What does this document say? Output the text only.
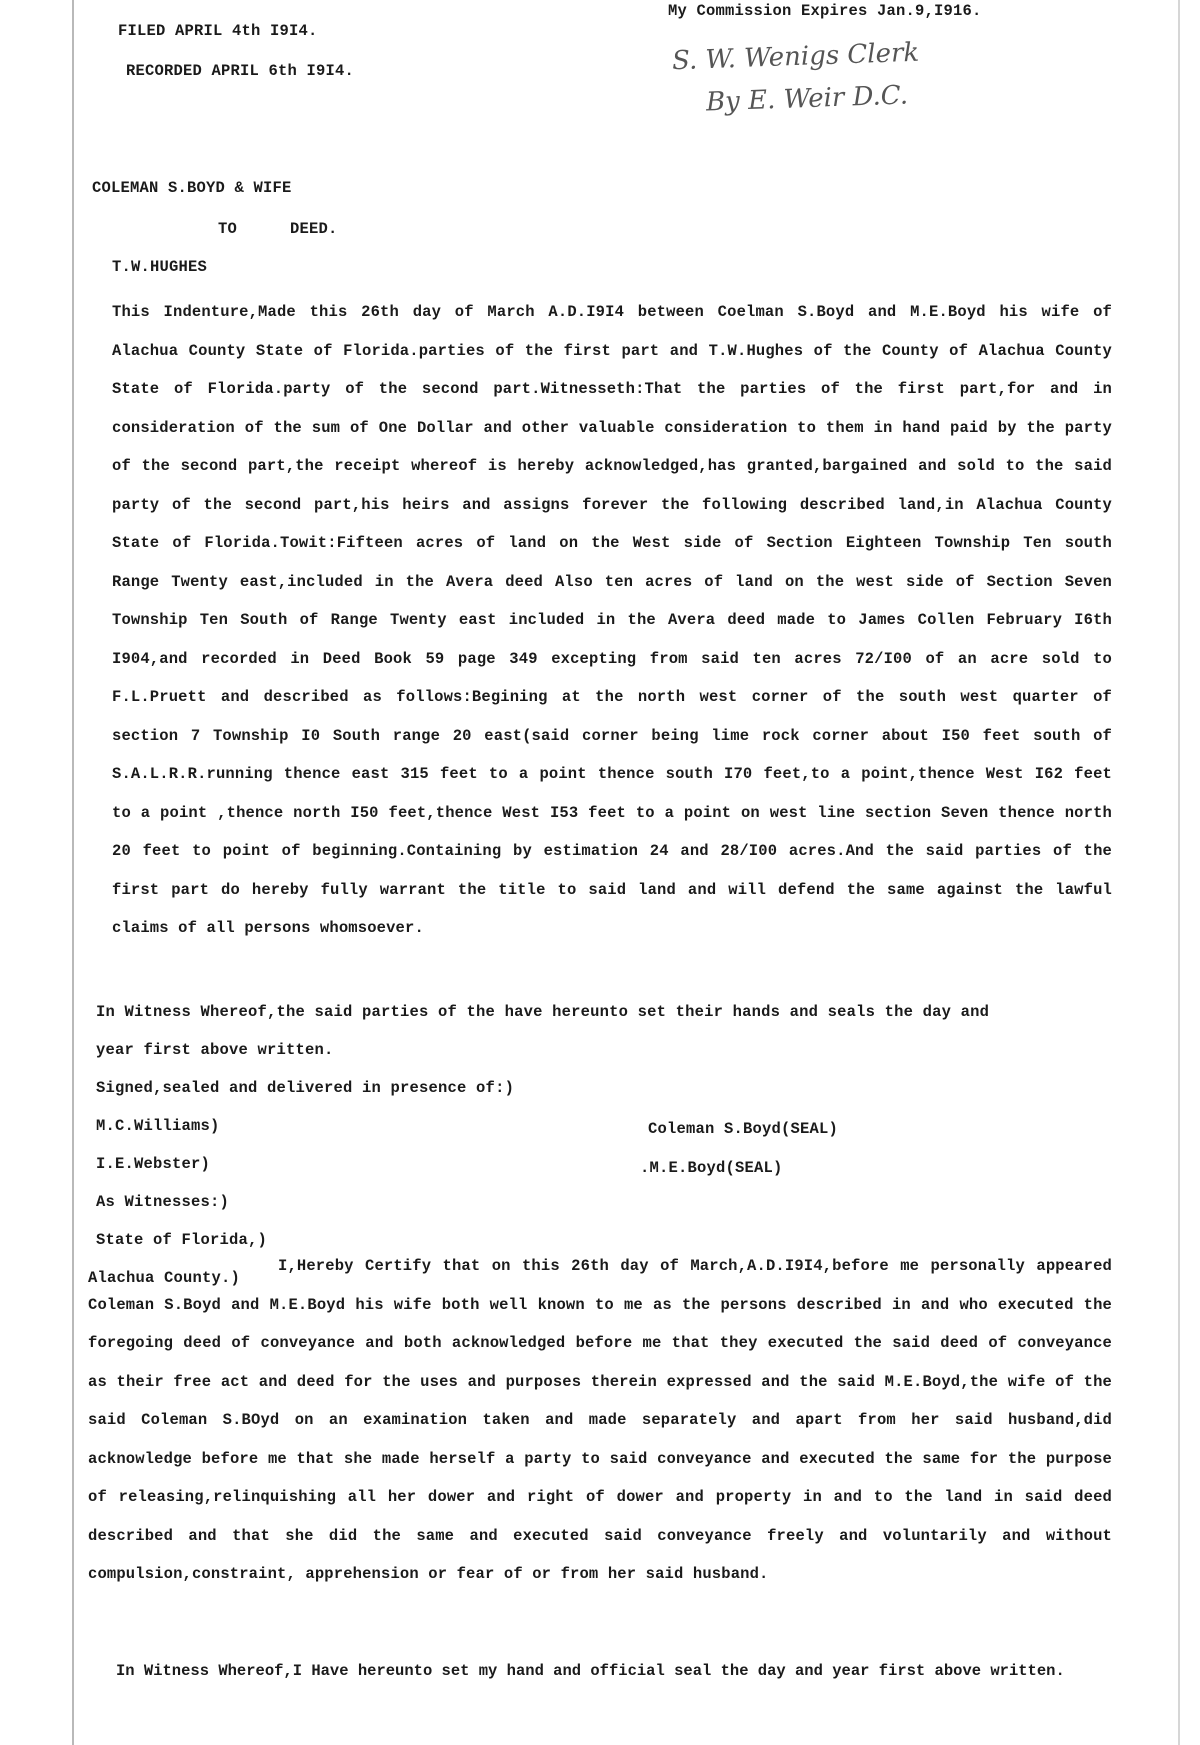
FILED APRIL 4th I9I4.
RECORDED APRIL 6th I9I4.
My Commission Expires Jan.9,I916.
S. W. Wenigs Clerk
By E. Weir D.C.
COLEMAN S.BOYD & WIFE
TO	DEED.
T.W.HUGHES
This Indenture,Made this 26th day of March A.D.I9I4 between Coelman S.Boyd and M.E.Boyd his wife of Alachua County State of Florida.parties of the first part and T.W.Hughes of the County of Alachua County State of Florida.party of the second part.Witnesseth:That the parties of the first part,for and in consideration of the sum of One Dollar and other valuable consideration to them in hand paid by the party of the second part,the receipt whereof is hereby acknowledged,has granted,bargained and sold to the said party of the second part,his heirs and assigns forever the following described land,in Alachua County State of Florida.Towit:Fifteen acres of land on the West side of Section Eighteen Township Ten south Range Twenty east,included in the Avera deed Also ten acres of land on the west side of Section Seven Township Ten South of Range Twenty east included in the Avera deed made to James Collen February I6th I904,and recorded in Deed Book 59 page 349 excepting from said ten acres 72/I00 of an acre sold to F.L.Pruett and described as follows:Begining at the north west corner of the south west quarter of section 7 Township I0 South range 20 east(said corner being lime rock corner about I50 feet south of S.A.L.R.R.running thence east 315 feet to a point thence south I70 feet,to a point,thence West I62 feet to a point ,thence north I50 feet,thence West I53 feet to a point on west line section Seven thence north 20 feet to point of beginning.Containing by estimation 24 and 28/I00 acres.And the said parties of the first part do hereby fully warrant the title to said land and will defend the same against the lawful claims of all persons whomsoever.
In Witness Whereof,the said parties of the have hereunto set their hands and seals the day and
year first above written.
Signed,sealed and delivered in presence of:)
M.C.Williams)
I.E.Webster)
As Witnesses:)
Coleman S.Boyd(SEAL)
.M.E.Boyd(SEAL)
State of Florida,)
Alachua County.)
I,Hereby Certify that on this 26th day of March,A.D.I9I4,before me personally appeared Coleman S.Boyd and M.E.Boyd his wife both well known to me as the persons described in and who executed the foregoing deed of conveyance and both acknowledged before me that they executed the said deed of conveyance as their free act and deed for the uses and purposes therein expressed and the said M.E.Boyd,the wife of the said Coleman S.BOyd on an examination taken and made separately and apart from her said husband,did acknowledge before me that she made herself a party to said conveyance and executed the same for the purpose of releasing,relinquishing all her dower and right of dower and property in and to the land in said deed described and that she did the same and executed said conveyance freely and voluntarily and without compulsion,constraint, apprehension or fear of or from her said husband.
In Witness Whereof,I Have hereunto set my hand and official seal the day and year first above written.
